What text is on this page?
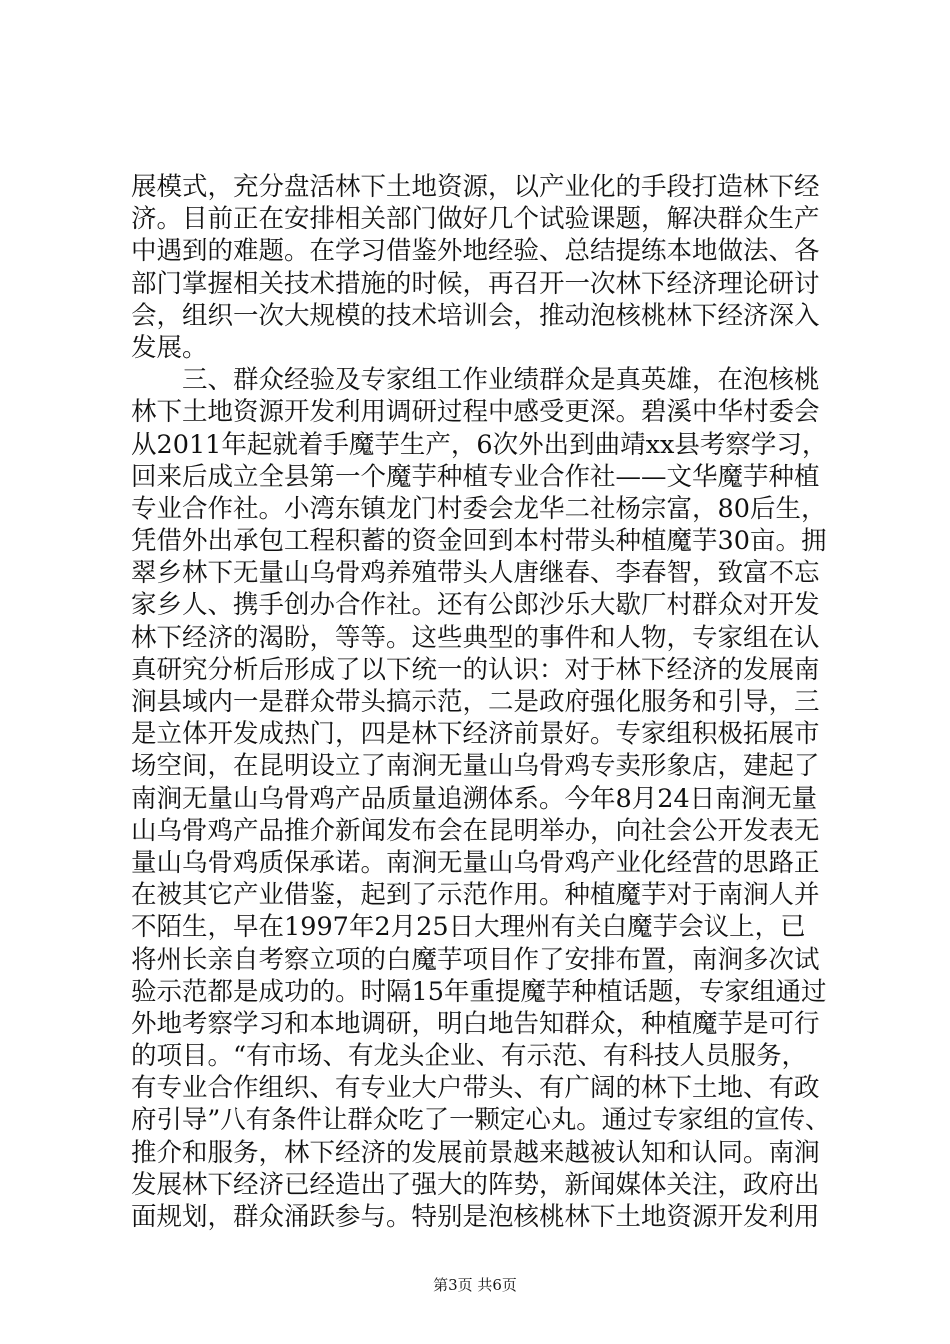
展模式，充分盘活林下土地资源，以产业化的手段打造林下经
济。目前正在安排相关部门做好几个试验课题，解决群众生产
中遇到的难题。在学习借鉴外地经验、总结提练本地做法、各
部门掌握相关技术措施的时候，再召开一次林下经济理论研讨
会，组织一次大规模的技术培训会，推动泡核桃林下经济深入
发展。
　　三、群众经验及专家组工作业绩群众是真英雄，在泡核桃
林下土地资源开发利用调研过程中感受更深。碧溪中华村委会
从2011年起就着手魔芋生产，6次外出到曲靖xx县考察学习，
回来后成立全县第一个魔芋种植专业合作社——文华魔芋种植
专业合作社。小湾东镇龙门村委会龙华二社杨宗富，80后生，
凭借外出承包工程积蓄的资金回到本村带头种植魔芋30亩。拥
翠乡林下无量山乌骨鸡养殖带头人唐继春、李春智，致富不忘
家乡人、携手创办合作社。还有公郎沙乐大歇厂村群众对开发
林下经济的渴盼，等等。这些典型的事件和人物，专家组在认
真研究分析后形成了以下统一的认识：对于林下经济的发展南
涧县域内一是群众带头搞示范，二是政府强化服务和引导，三
是立体开发成热门，四是林下经济前景好。专家组积极拓展市
场空间，在昆明设立了南涧无量山乌骨鸡专卖形象店，建起了
南涧无量山乌骨鸡产品质量追溯体系。今年8月24日南涧无量
山乌骨鸡产品推介新闻发布会在昆明举办，向社会公开发表无
量山乌骨鸡质保承诺。南涧无量山乌骨鸡产业化经营的思路正
在被其它产业借鉴，起到了示范作用。种植魔芋对于南涧人并
不陌生，早在1997年2月25日大理州有关白魔芋会议上，已
将州长亲自考察立项的白魔芋项目作了安排布置，南涧多次试
验示范都是成功的。时隔15年重提魔芋种植话题，专家组通过
外地考察学习和本地调研，明白地告知群众，种植魔芋是可行
的项目。“有市场、有龙头企业、有示范、有科技人员服务，
有专业合作组织、有专业大户带头、有广阔的林下土地、有政
府引导”八有条件让群众吃了一颗定心丸。通过专家组的宣传、
推介和服务，林下经济的发展前景越来越被认知和认同。南涧
发展林下经济已经造出了强大的阵势，新闻媒体关注，政府出
面规划，群众涌跃参与。特别是泡核桃林下土地资源开发利用
第3页 共6页
